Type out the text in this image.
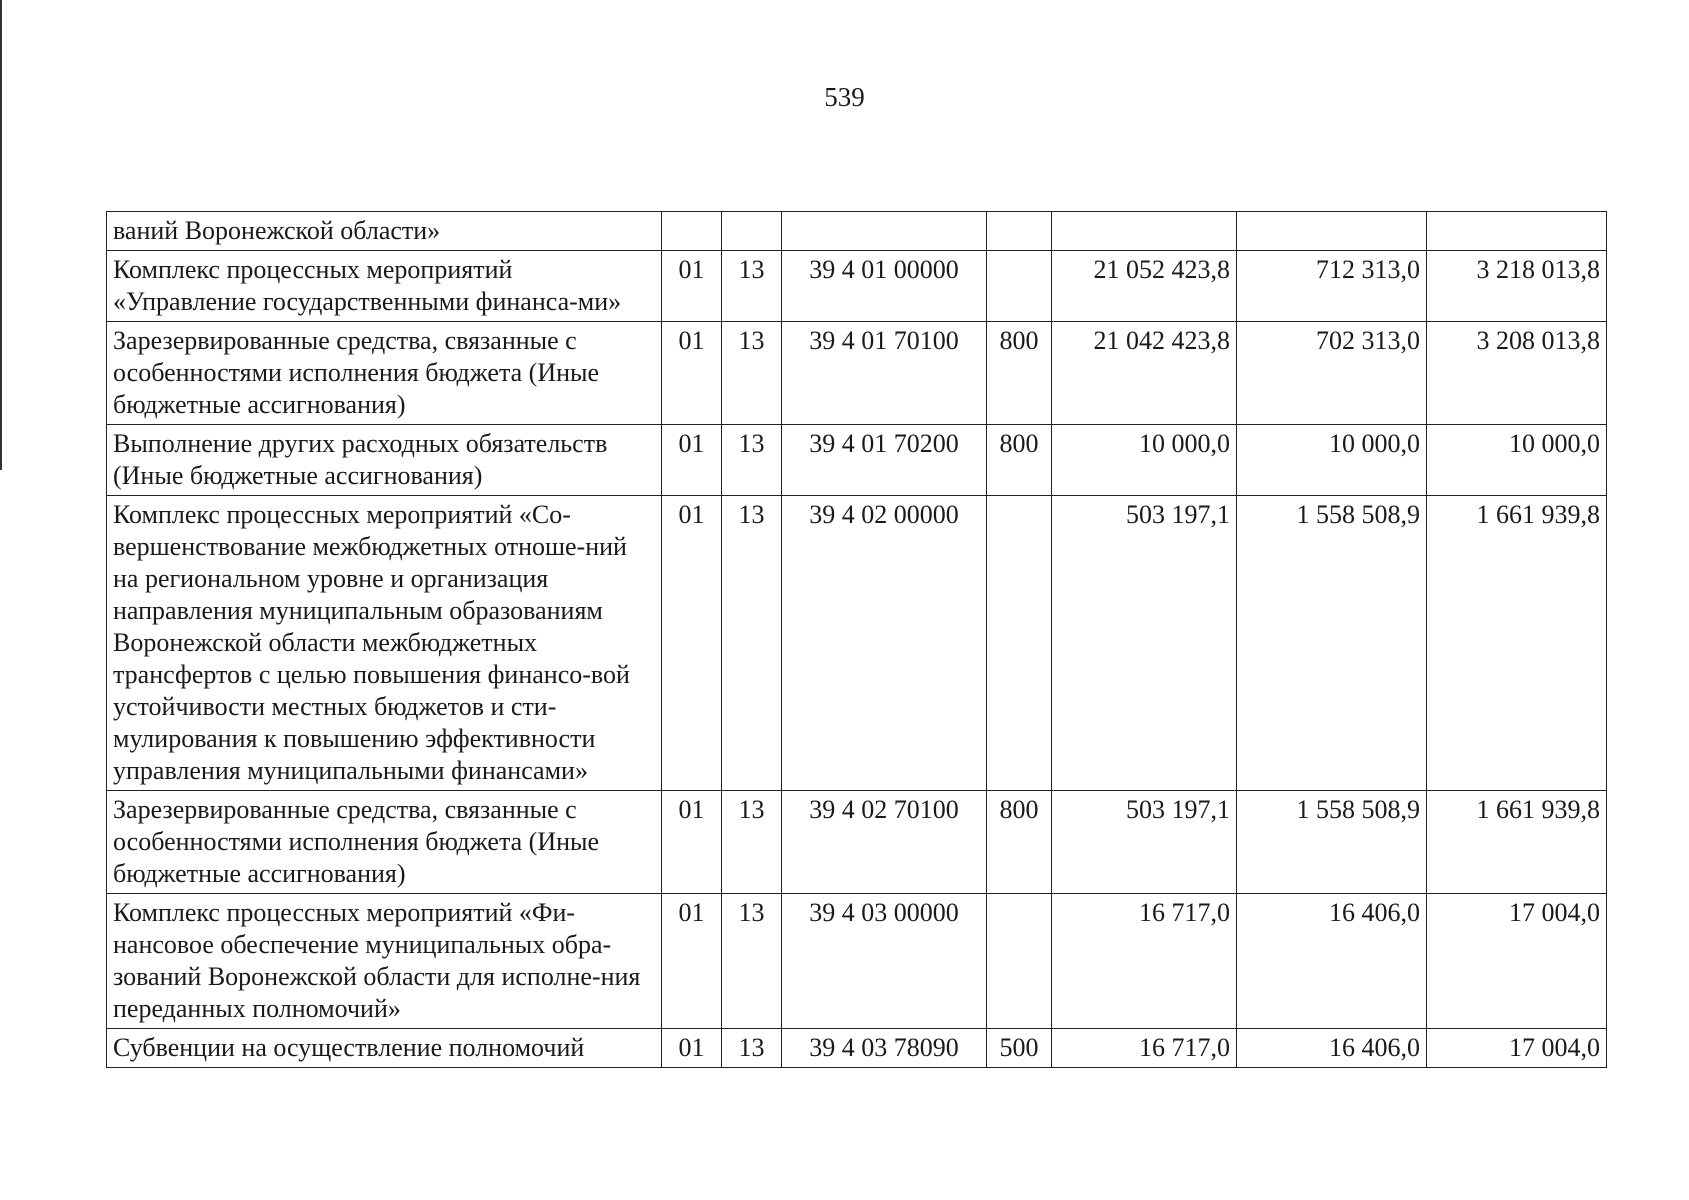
539
ваний Воронежской области»							
Комплекс процессных мероприятий «Управление государственными финанса-ми»	01	13	39 4 01 00000		21 052 423,8	712 313,0	3 218 013,8
Зарезервированные средства, связанные с особенностями исполнения бюджета (Иные бюджетные ассигнования)	01	13	39 4 01 70100	800	21 042 423,8	702 313,0	3 208 013,8
Выполнение других расходных обязательств (Иные бюджетные ассигнования)	01	13	39 4 01 70200	800	10 000,0	10 000,0	10 000,0
Комплекс процессных мероприятий «Со-вершенствование межбюджетных отноше-ний на региональном уровне и организация направления муниципальным образованиям Воронежской области межбюджетных трансфертов с целью повышения финансо-вой устойчивости местных бюджетов и сти-мулирования к повышению эффективности управления муниципальными финансами»	01	13	39 4 02 00000		503 197,1	1 558 508,9	1 661 939,8
Зарезервированные средства, связанные с особенностями исполнения бюджета (Иные бюджетные ассигнования)	01	13	39 4 02 70100	800	503 197,1	1 558 508,9	1 661 939,8
Комплекс процессных мероприятий «Фи-нансовое обеспечение муниципальных обра-зований Воронежской области для исполне-ния переданных полномочий»	01	13	39 4 03 00000		16 717,0	16 406,0	17 004,0
Субвенции на осуществление полномочий	01	13	39 4 03 78090	500	16 717,0	16 406,0	17 004,0
